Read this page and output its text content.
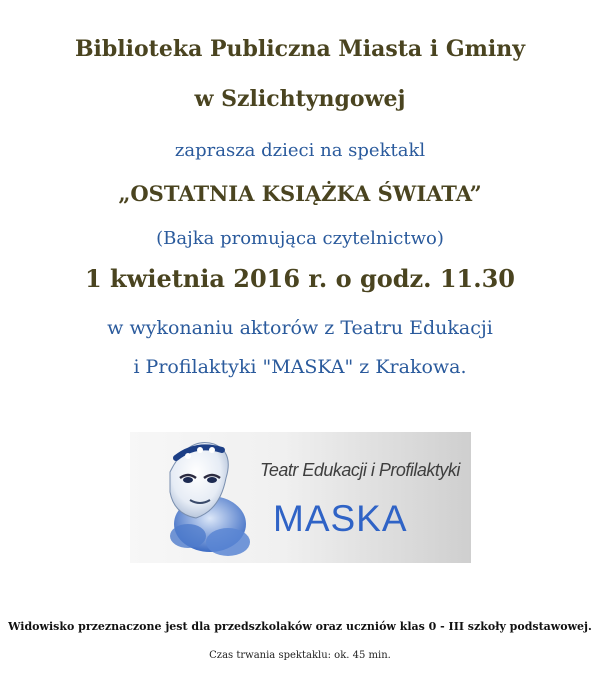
Biblioteka Publiczna Miasta i Gminy
w Szlichtyngowej
zaprasza dzieci na spektakl
„OSTATNIA KSIĄŻKA ŚWIATA”
(Bajka promująca czytelnictwo)
1 kwietnia 2016 r. o godz. 11.30
w wykonaniu aktorów z Teatru Edukacji
i Profilaktyki "MASKA" z Krakowa.
Teatr Edukacji i Profilaktyki
MASKA
Widowisko przeznaczone jest dla przedszkolaków oraz uczniów klas 0 - III szkoły podstawowej.
Czas trwania spektaklu: ok. 45 min.
